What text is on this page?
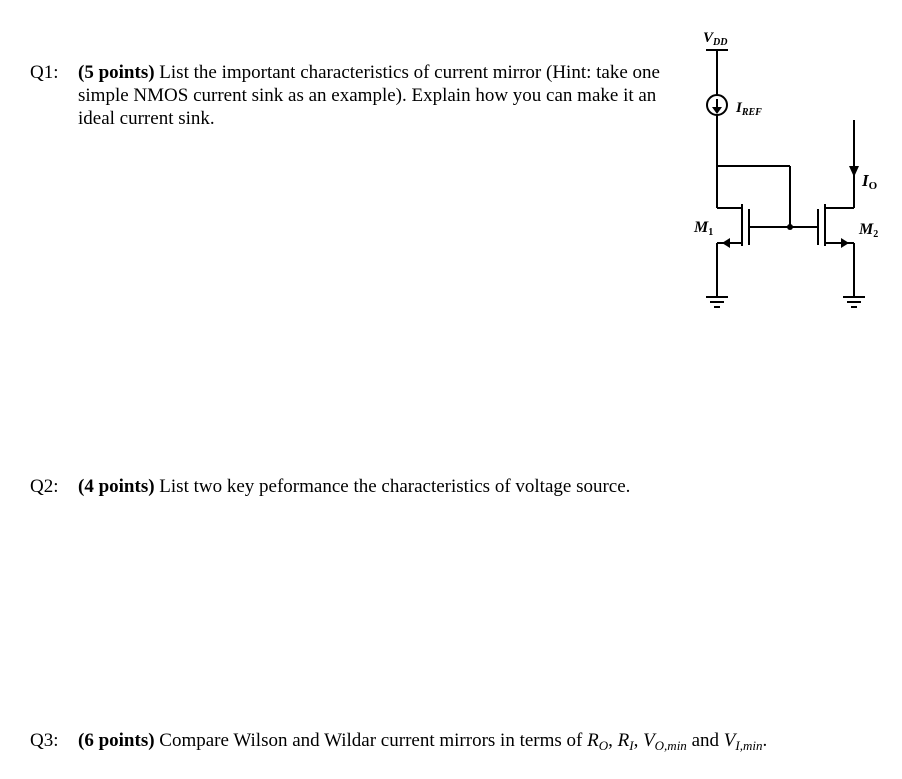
Q1: (5 points) List the important characteristics of current mirror (Hint: take one simple NMOS current sink as an example). Explain how you can make it an ideal current sink.
Q2: (4 points) List two key peformance the characteristics of voltage source.
Q3: (6 points) Compare Wilson and Wildar current mirrors in terms of $R_O$, $R_I$, $V_{O,min}$ and $V_{I,min}$.
$V_{DD}$
$I_{REF}$
IO
M1	M2
